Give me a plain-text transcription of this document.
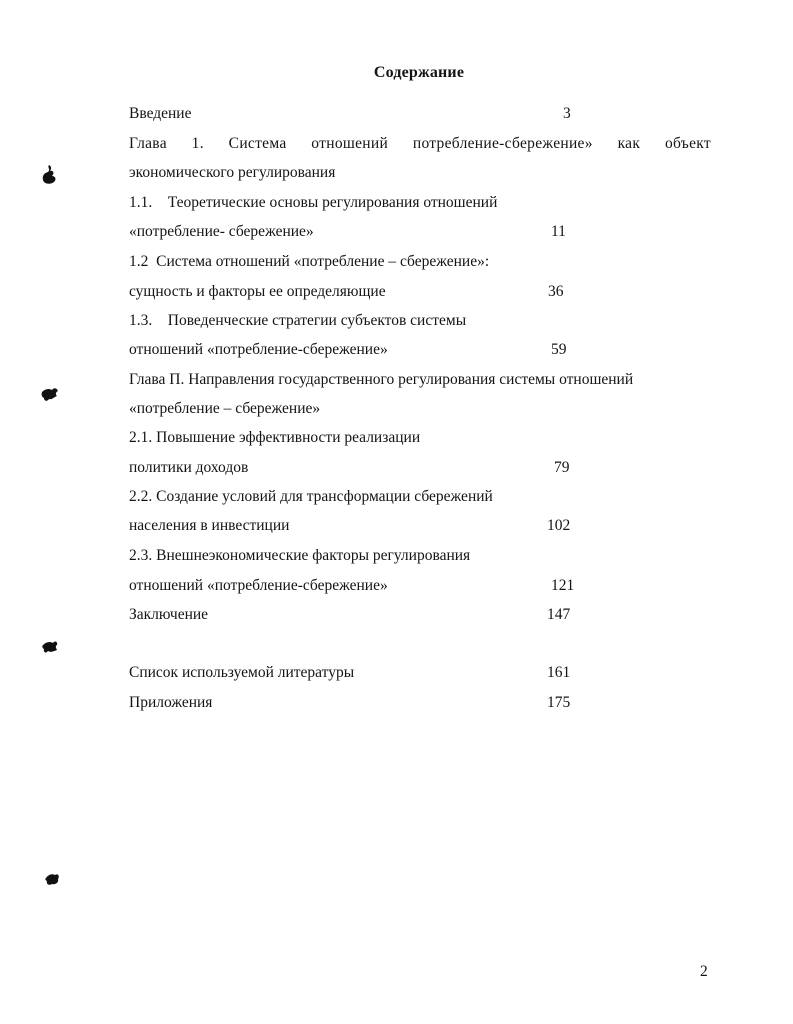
Содержание
Введение	3
Глава 1. Система отношений потребление-сбережение» как объект
экономического регулирования
1.1.    Теоретические основы регулирования отношений
«потребление- сбережение»	11
1.2  Система отношений «потребление – сбережение»:
сущность и факторы ее определяющие	36
1.3.    Поведенческие стратегии субъектов системы
отношений «потребление-сбережение»	59
Глава П. Направления государственного регулирования системы отношений
«потребление – сбережение»
2.1. Повышение эффективности реализации
политики доходов	79
2.2. Создание условий для трансформации сбережений
населения в инвестиции	102
2.3. Внешнеэкономические факторы регулирования
отношений «потребление-сбережение»	121
Заключение	147
Список используемой литературы	161
Приложения	175
2
